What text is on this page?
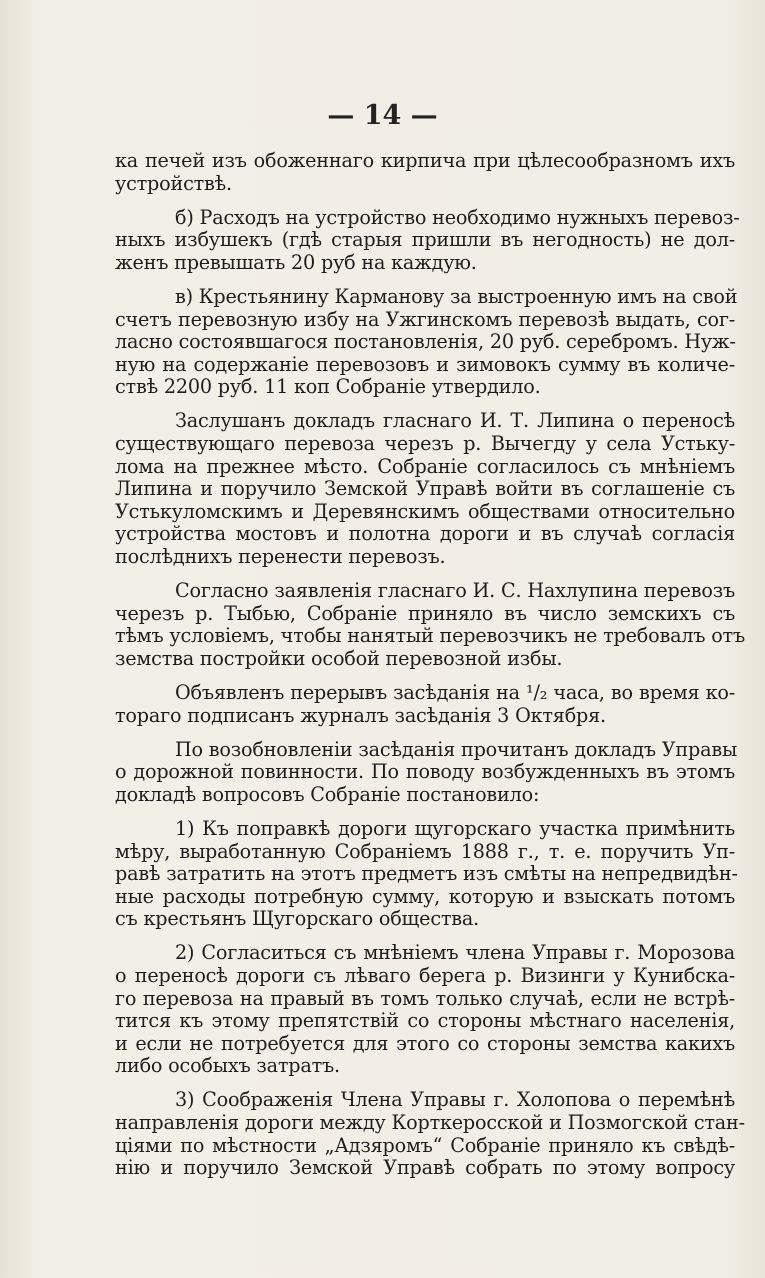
— 14 —
ка печей изъ обоженнаго кирпича при цѣлесообразномъ ихъ
устройствѣ.
б) Расходъ на устройство необходимо нужныхъ перевоз-
ныхъ избушекъ (гдѣ старыя пришли въ негодность) не дол-
женъ превышать 20 руб на каждую.
в) Крестьянину Карманову за выстроенную имъ на свой
счетъ перевозную избу на Ужгинскомъ перевозѣ выдать, сог-
ласно состоявшагося постановленія, 20 руб. серебромъ. Нуж-
ную на содержаніе перевозовъ и зимовокъ сумму въ количе-
ствѣ 2200 руб. 11 коп Собраніе утвердило.
Заслушанъ докладъ гласнаго И. Т. Липина о переносѣ
существующаго перевоза черезъ р. Вычегду у села Устьку-
лома на прежнее мѣсто. Собраніе согласилось съ мнѣніемъ
Липина и поручило Земской Управѣ войти въ соглашеніе съ
Устькуломскимъ и Деревянскимъ обществами относительно
устройства мостовъ и полотна дороги и въ случаѣ согласія
послѣднихъ перенести перевозъ.
Согласно заявленія гласнаго И. С. Нахлупина перевозъ
черезъ р. Тыбью, Собраніе приняло въ число земскихъ съ
тѣмъ условіемъ, чтобы нанятый перевозчикъ не требовалъ отъ
земства постройки особой перевозной избы.
Объявленъ перерывъ засѣданія на ¹/₂ часа, во время ко-
тораго подписанъ журналъ засѣданія 3 Октября.
По возобновленіи засѣданія прочитанъ докладъ Управы
о дорожной повинности. По поводу возбужденныхъ въ этомъ
докладѣ вопросовъ Собраніе постановило:
1) Къ поправкѣ дороги щугорскаго участка примѣнить
мѣру, выработанную Собраніемъ 1888 г., т. е. поручить Уп-
равѣ затратить на этотъ предметъ изъ смѣты на непредвидѣн-
ные расходы потребную сумму, которую и взыскать потомъ
съ крестьянъ Щугорскаго общества.
2) Согласиться съ мнѣніемъ члена Управы г. Морозова
о переносѣ дороги съ лѣваго берега р. Визинги у Кунибска-
го перевоза на правый въ томъ только случаѣ, если не встрѣ-
тится къ этому препятствій со стороны мѣстнаго населенія,
и если не потребуется для этого со стороны земства какихъ
либо особыхъ затратъ.
3) Соображенія Члена Управы г. Холопова о перемѣнѣ
направленія дороги между Корткеросской и Позмогской стан-
ціями по мѣстности „Адзяромъ“ Собраніе приняло къ свѣдѣ-
нію и поручило Земской Управѣ собрать по этому вопросу
